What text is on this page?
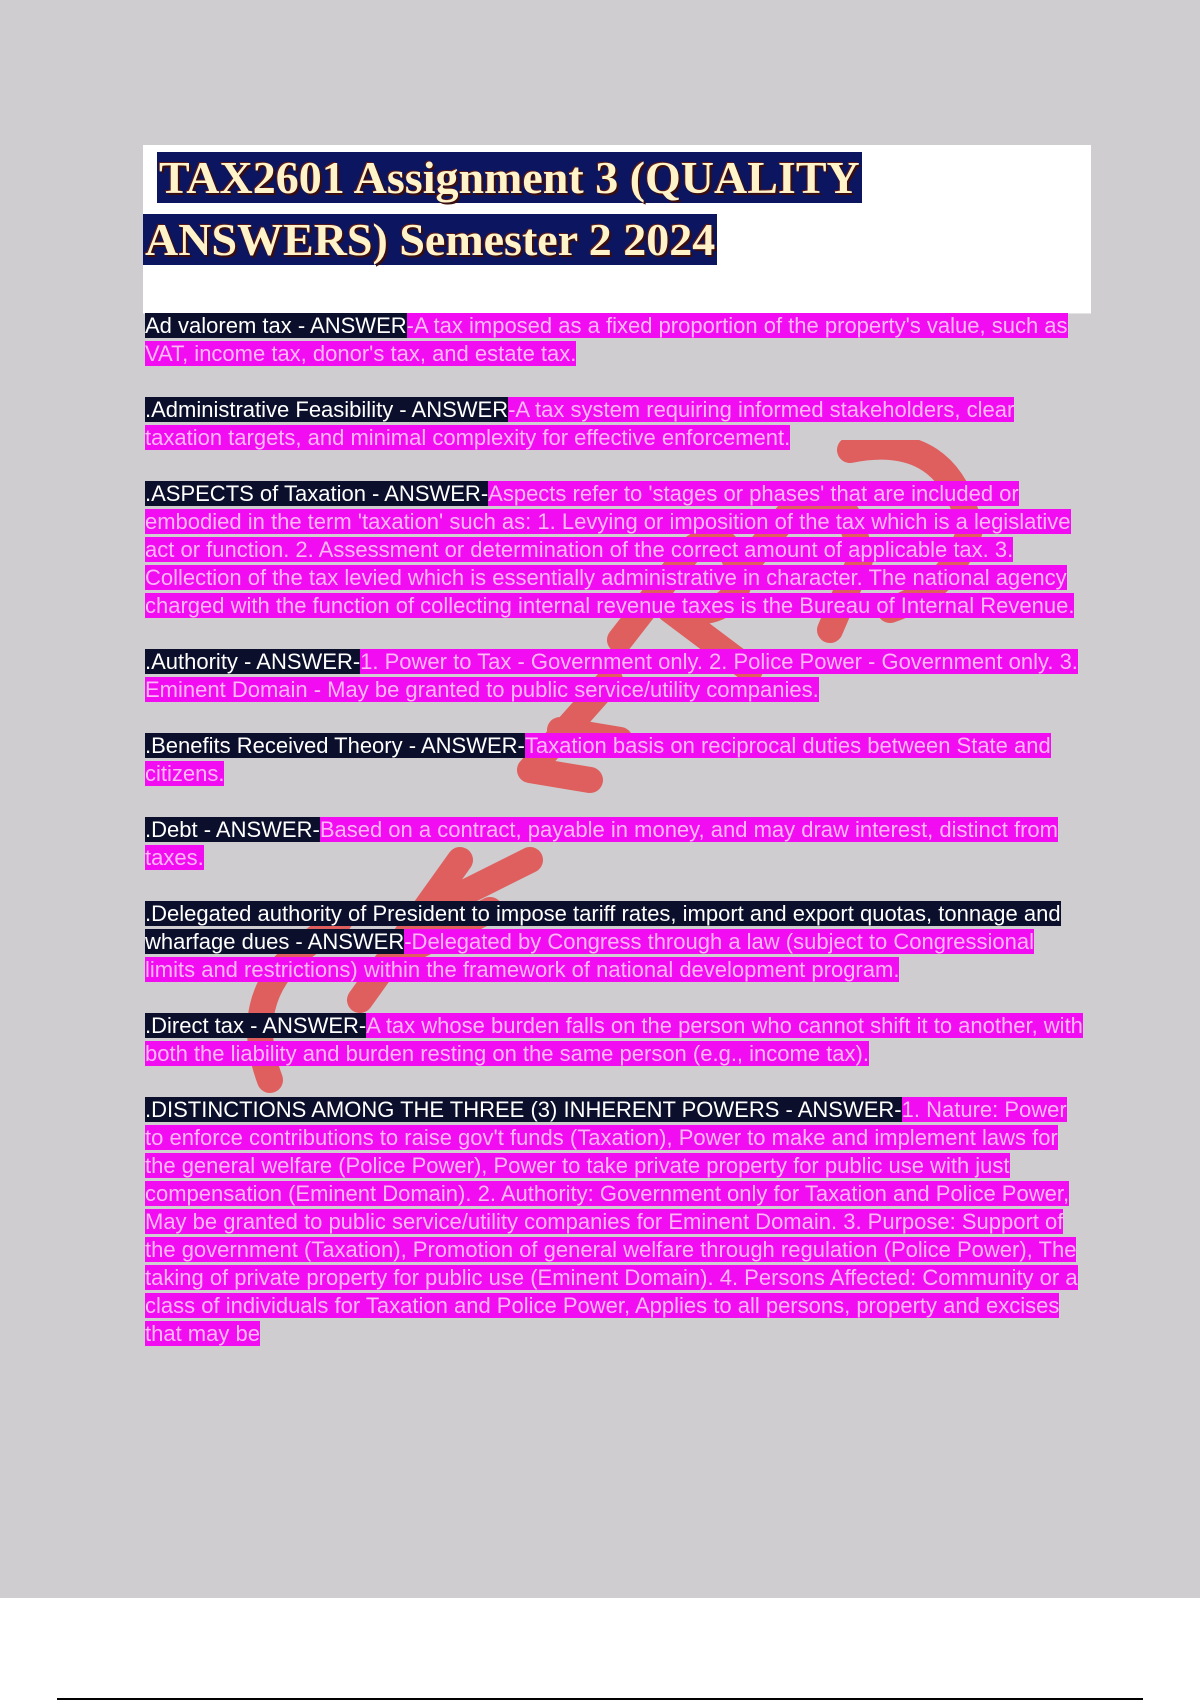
TAX2601 Assignment 3 (QUALITY
ANSWERS) Semester 2 2024

Ad valorem tax - ANSWER-A tax imposed as a fixed proportion of the property's value, such as VAT, income tax, donor's tax, and estate tax.

.Administrative Feasibility - ANSWER-A tax system requiring informed stakeholders, clear taxation targets, and minimal complexity for effective enforcement.

.ASPECTS of Taxation - ANSWER-Aspects refer to 'stages or phases' that are included or embodied in the term 'taxation' such as: 1. Levying or imposition of the tax which is a legislative act or function. 2. Assessment or determination of the correct amount of applicable tax. 3. Collection of the tax levied which is essentially administrative in character. The national agency charged with the function of collecting internal revenue taxes is the Bureau of Internal Revenue.

.Authority - ANSWER-1. Power to Tax - Government only. 2. Police Power - Government only. 3. Eminent Domain - May be granted to public service/utility companies.

.Benefits Received Theory - ANSWER-Taxation basis on reciprocal duties between State and citizens.

.Debt - ANSWER-Based on a contract, payable in money, and may draw interest, distinct from taxes.

.Delegated authority of President to impose tariff rates, import and export quotas, tonnage and wharfage dues - ANSWER-Delegated by Congress through a law (subject to Congressional limits and restrictions) within the framework of national development program.

.Direct tax - ANSWER-A tax whose burden falls on the person who cannot shift it to another, with both the liability and burden resting on the same person (e.g., income tax).

.DISTINCTIONS AMONG THE THREE (3) INHERENT POWERS - ANSWER-1. Nature: Power to enforce contributions to raise gov't funds (Taxation), Power to make and implement laws for the general welfare (Police Power), Power to take private property for public use with just compensation (Eminent Domain). 2. Authority: Government only for Taxation and Police Power, May be granted to public service/utility companies for Eminent Domain. 3. Purpose: Support of the government (Taxation), Promotion of general welfare through regulation (Police Power), The taking of private property for public use (Eminent Domain). 4. Persons Affected: Community or a class of individuals for Taxation and Police Power, Applies to all persons, property and excises that may be
